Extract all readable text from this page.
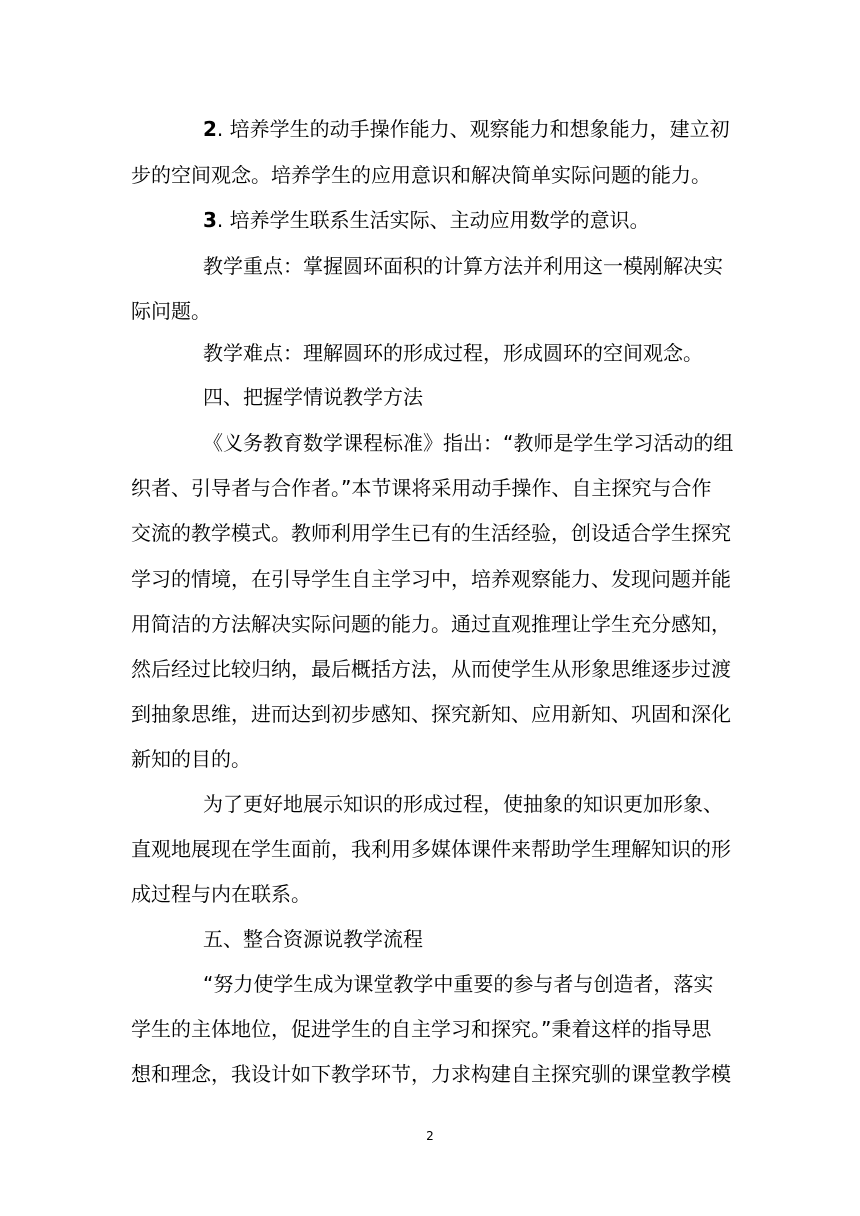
2. 培养学生的动手操作能力、观察能力和想象能力，建立初
步的空间观念。培养学生的应用意识和解决简单实际问题的能力。
3. 培养学生联系生活实际、主动应用数学的意识。
教学重点：掌握圆环面积的计算方法并利用这一模剐解决实
际问题。
教学难点：理解圆环的形成过程，形成圆环的空间观念。
四、把握学情说教学方法
《义务教育数学课程标准》指出：“教师是学生学习活动的组
织者、引导者与合作者。”本节课将采用动手操作、自主探究与合作
交流的教学模式。教师利用学生已有的生活经验，创设适合学生探究
学习的情境，在引导学生自主学习中，培养观察能力、发现问题并能
用简洁的方法解决实际问题的能力。通过直观推理让学生充分感知，
然后经过比较归纳，最后概括方法，从而使学生从形象思维逐步过渡
到抽象思维，进而达到初步感知、探究新知、应用新知、巩固和深化
新知的目的。
为了更好地展示知识的形成过程，使抽象的知识更加形象、
直观地展现在学生面前，我利用多媒体课件来帮助学生理解知识的形
成过程与内在联系。
五、整合资源说教学流程
“努力使学生成为课堂教学中重要的参与者与创造者，落实
学生的主体地位，促进学生的自主学习和探究。”秉着这样的指导思
想和理念，我设计如下教学环节，力求构建自主探究驯的课堂教学模
2
